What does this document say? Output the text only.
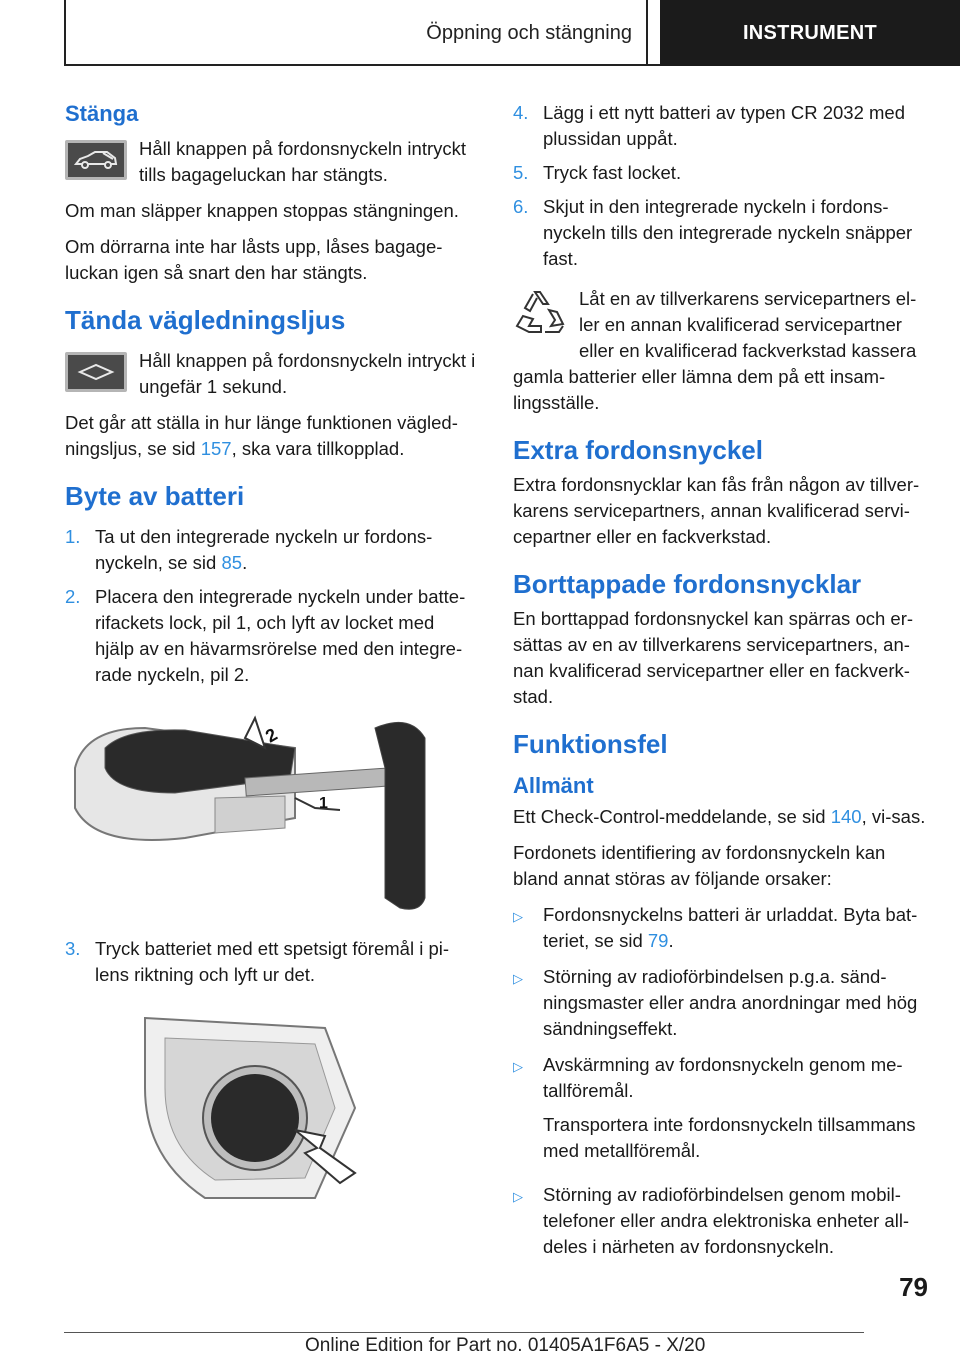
Öppning och stängning	INSTRUMENT
Stänga
Håll knappen på fordonsnyckeln intryckt tills bagageluckan har stängts.

Om man släpper knappen stoppas stängningen.

Om dörrarna inte har låsts upp, låses bagage-luckan igen så snart den har stängts.

Tända vägledningsljus
Håll knappen på fordonsnyckeln intryckt i ungefär 1 sekund.

Det går att ställa in hur länge funktionen vägled-ningsljus, se sid 157, ska vara tillkopplad.

Byte av batteri
1. Ta ut den integrerade nyckeln ur fordons-nyckeln, se sid 85.
2. Placera den integrerade nyckeln under batte-rifackets lock, pil 1, och lyft av locket med hjälp av en hävarmsrörelse med den integre-rade nyckeln, pil 2.
2
1
3. Tryck batteriet med ett spetsigt föremål i pi-lens riktning och lyft ur det.
4. Lägg i ett nytt batteri av typen CR 2032 med plussidan uppåt.
5. Tryck fast locket.
6. Skjut in den integrerade nyckeln i fordons-nyckeln tills den integrerade nyckeln snäpper fast.
Låt en av tillverkarens servicepartners el-ler en annan kvalificerad servicepartner eller en kvalificerad fackverkstad kassera gamla batterier eller lämna dem på ett insam-lingsställe.
Extra fordonsnyckel

Extra fordonsnycklar kan fås från någon av tillver-karens servicepartners, annan kvalificerad servi-cepartner eller en fackverkstad.

Borttappade fordonsnycklar

En borttappad fordonsnyckel kan spärras och er-sättas av en av tillverkarens servicepartners, an-nan kvalificerad servicepartner eller en fackverk-stad.

Funktionsfel
Allmänt

Ett Check-Control-meddelande, se sid 140, vi-sas.

Fordonets identifiering av fordonsnyckeln kan bland annat störas av följande orsaker:

▷	Fordonsnyckelns batteri är urladdat. Byta bat-teriet, se sid 79.
▷	Störning av radioförbindelsen p.g.a. sänd-ningsmaster eller andra anordningar med hög sändningseffekt.
▷	Avskärmning av fordonsnyckeln genom me-tallföremål.

Transportera inte fordonsnyckeln tillsammans med metallföremål.

▷	Störning av radioförbindelsen genom mobil-telefoner eller andra elektroniska enheter all-deles i närheten av fordonsnyckeln.
79
Online Edition for Part no. 01405A1F6A5 - X/20
